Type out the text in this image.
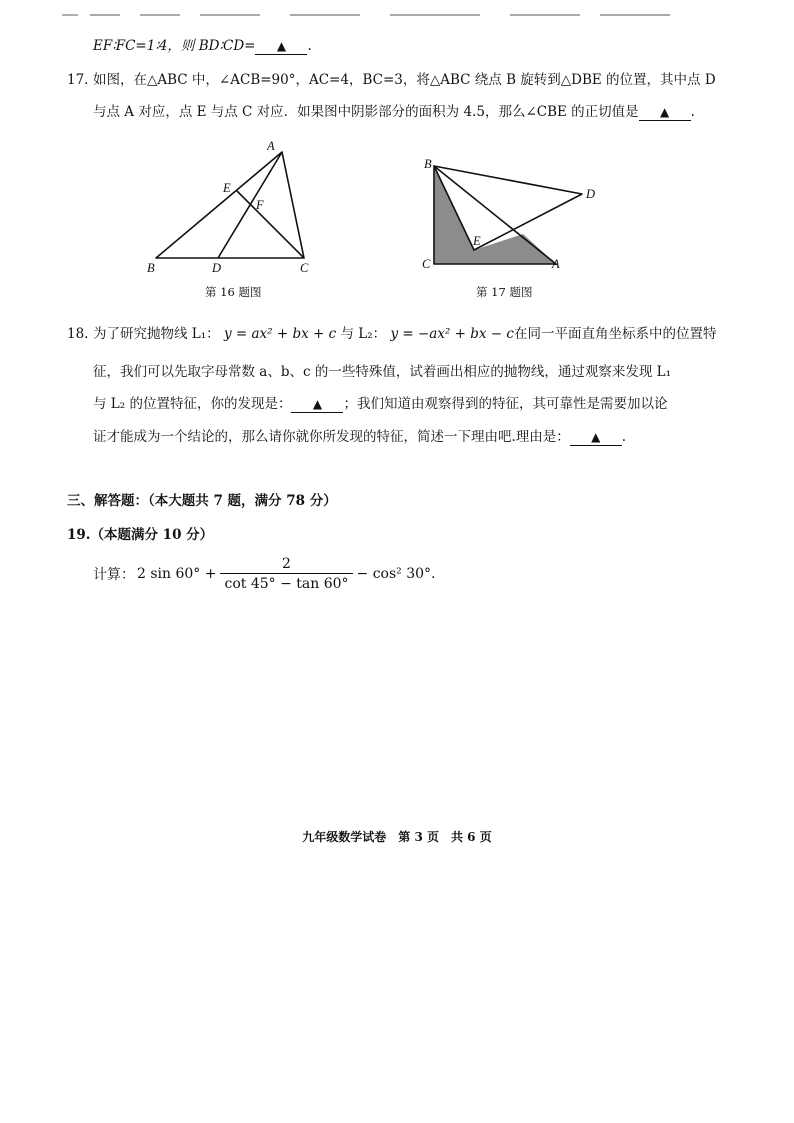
EF∶FC=1∶4，则 BD∶CD= ▲ .
17. 如图，在△ABC 中，∠ACB=90°，AC=4，BC=3，将△ABC 绕点 B 旋转到△DBE 的位置，其中点 D
与点 A 对应，点 E 与点 C 对应．如果图中阴影部分的面积为 4.5，那么∠CBE 的正切值是 ▲ .
A
E
F
B	D	C
第 16 题图
B
D
E
C	A
第 17 题图
18. 为了研究抛物线 L₁： y = ax² + bx + c 与 L₂： y = −ax² + bx − c在同一平面直角坐标系中的位置特
征，我们可以先取字母常数 a、b、c 的一些特殊值，试着画出相应的抛物线，通过观察来发现 L₁
与 L₂ 的位置特征，你的发现是： ▲ ；我们知道由观察得到的特征，其可靠性是需要加以论
证才能成为一个结论的，那么请你就你所发现的特征，简述一下理由吧.理由是： ▲ .
三、解答题：（本大题共 7 题，满分 78 分）
19.（本题满分 10 分）
计算： 2 sin 60° +
2
cot 45° − tan 60°
− cos² 30°.
九年级数学试卷　第 3 页　共 6 页
